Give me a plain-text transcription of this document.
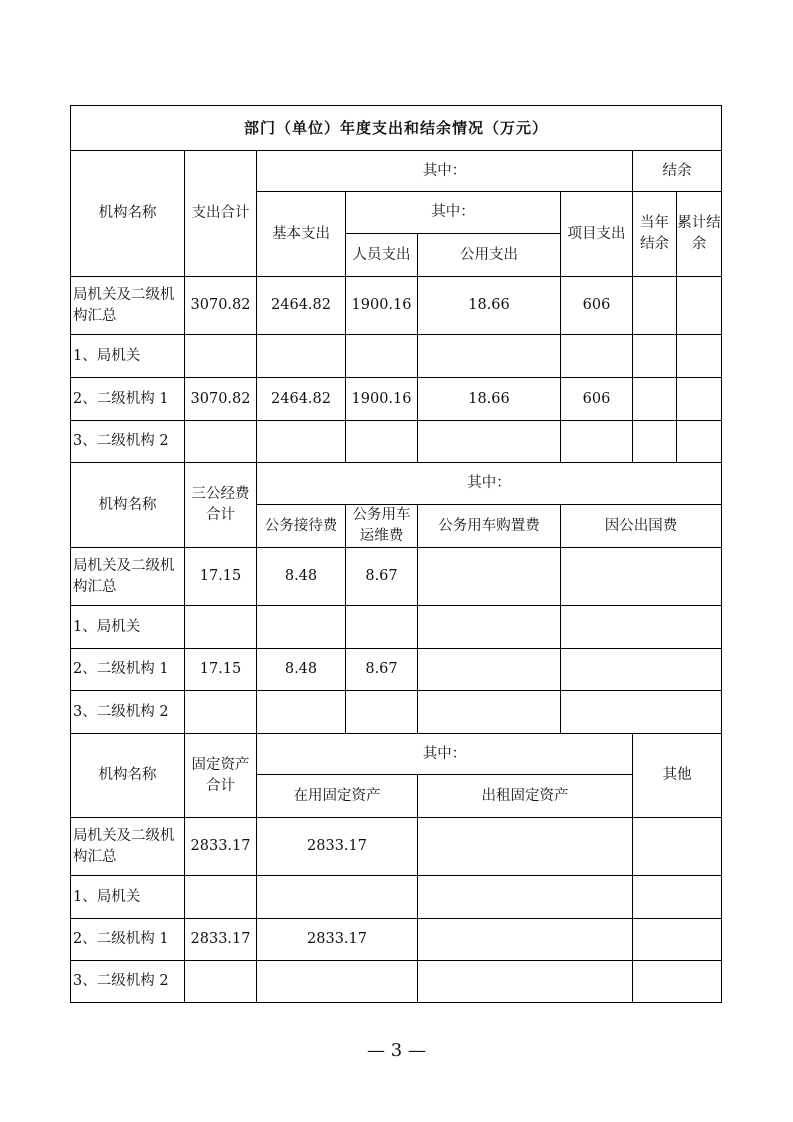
部门（单位）年度支出和结余情况（万元）							
机构名称	支出合计	其中：				结余	
		基本支出	其中：		项目支出	当年结余	累计结余
			人员支出	公用支出			
局机关及二级机构汇总	3070.82	2464.82	1900.16	18.66	606		
1、局机关							
2、二级机构 1	3070.82	2464.82	1900.16	18.66	606		
3、二级机构 2							
机构名称	三公经费合计	其中：					
		公务接待费	公务用车运维费	公务用车购置费	因公出国费		
局机关及二级机构汇总	17.15	8.48	8.67				
1、局机关							
2、二级机构 1	17.15	8.48	8.67				
3、二级机构 2							
机构名称	固定资产合计	其中：				其他	
		在用固定资产		出租固定资产			
局机关及二级机构汇总	2833.17	2833.17					
1、局机关							
2、二级机构 1	2833.17	2833.17					
3、二级机构 2							
— 3 —
